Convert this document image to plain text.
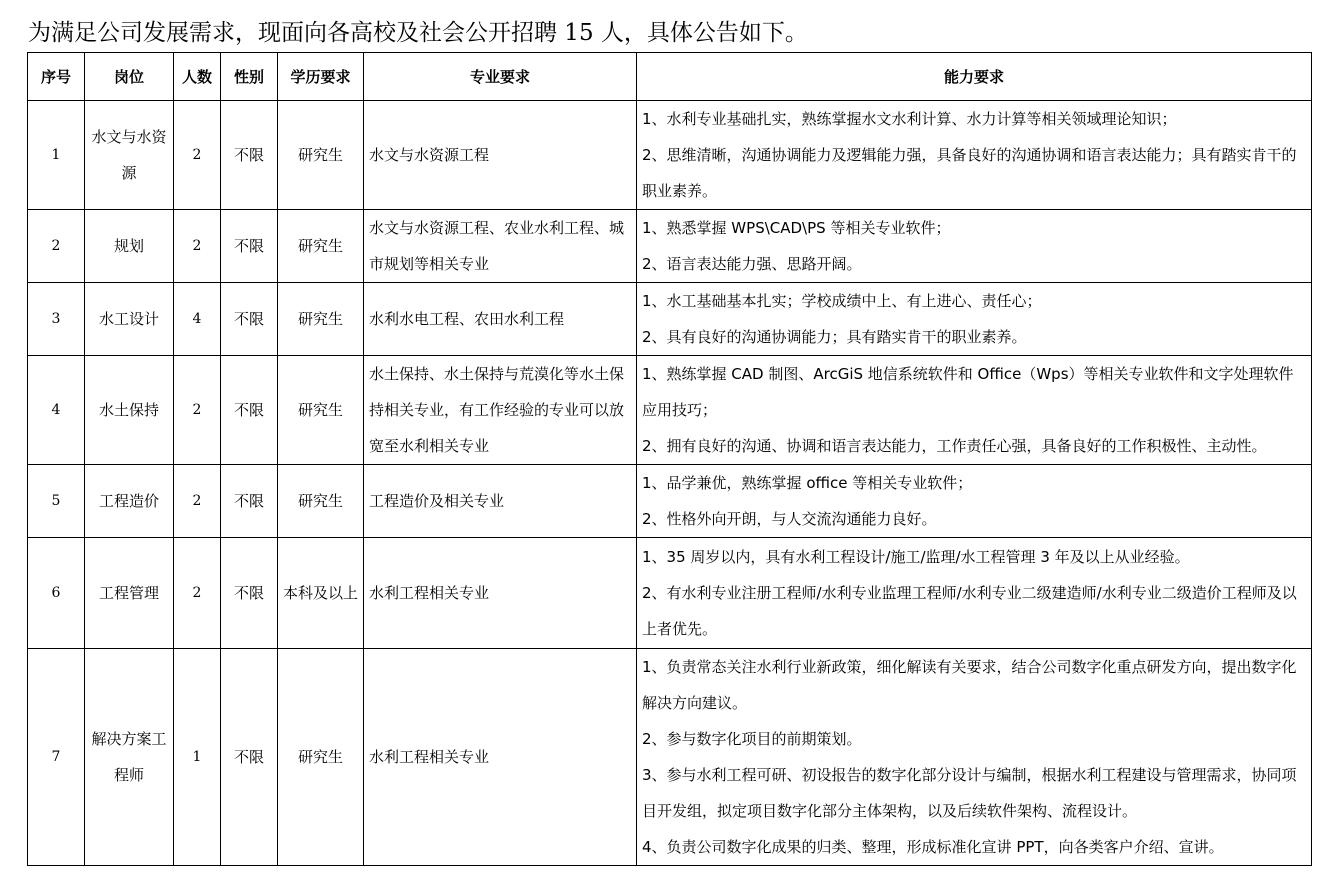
为满足公司发展需求，现面向各高校及社会公开招聘 15 人，具体公告如下。
序号	岗位	人数	性别	学历要求	专业要求	能力要求
1	水文与水资源	2	不限	研究生	水文与水资源工程	1、水利专业基础扎实，熟练掌握水文水利计算、水力计算等相关领域理论知识；
2、思维清晰，沟通协调能力及逻辑能力强，具备良好的沟通协调和语言表达能力；具有踏实肯干的职业素养。

2	规划	2	不限	研究生	水文与水资源工程、农业水利工程、城市规划等相关专业	1、熟悉掌握 WPS\CAD\PS 等相关专业软件；
2、语言表达能力强、思路开阔。

3	水工设计	4	不限	研究生	水利水电工程、农田水利工程	1、水工基础基本扎实；学校成绩中上、有上进心、责任心；
2、具有良好的沟通协调能力；具有踏实肯干的职业素养。

4	水土保持	2	不限	研究生	水土保持、水土保持与荒漠化等水土保持相关专业，有工作经验的专业可以放宽至水利相关专业	1、熟练掌握 CAD 制图、ArcGiS 地信系统软件和 Office（Wps）等相关专业软件和文字处理软件应用技巧；
2、拥有良好的沟通、协调和语言表达能力，工作责任心强，具备良好的工作积极性、主动性。

5	工程造价	2	不限	研究生	工程造价及相关专业	1、品学兼优，熟练掌握 office 等相关专业软件；
2、性格外向开朗，与人交流沟通能力良好。

6	工程管理	2	不限	本科及以上	水利工程相关专业	1、35 周岁以内，具有水利工程设计/施工/监理/水工程管理 3 年及以上从业经验。
2、有水利专业注册工程师/水利专业监理工程师/水利专业二级建造师/水利专业二级造价工程师及以上者优先。

7	解决方案工程师	1	不限	研究生	水利工程相关专业	1、负责常态关注水利行业新政策，细化解读有关要求，结合公司数字化重点研发方向，提出数字化解决方向建议。
2、参与数字化项目的前期策划。
3、参与水利工程可研、初设报告的数字化部分设计与编制，根据水利工程建设与管理需求，协同项目开发组，拟定项目数字化部分主体架构，以及后续软件架构、流程设计。
4、负责公司数字化成果的归类、整理，形成标准化宣讲 PPT，向各类客户介绍、宣讲。
